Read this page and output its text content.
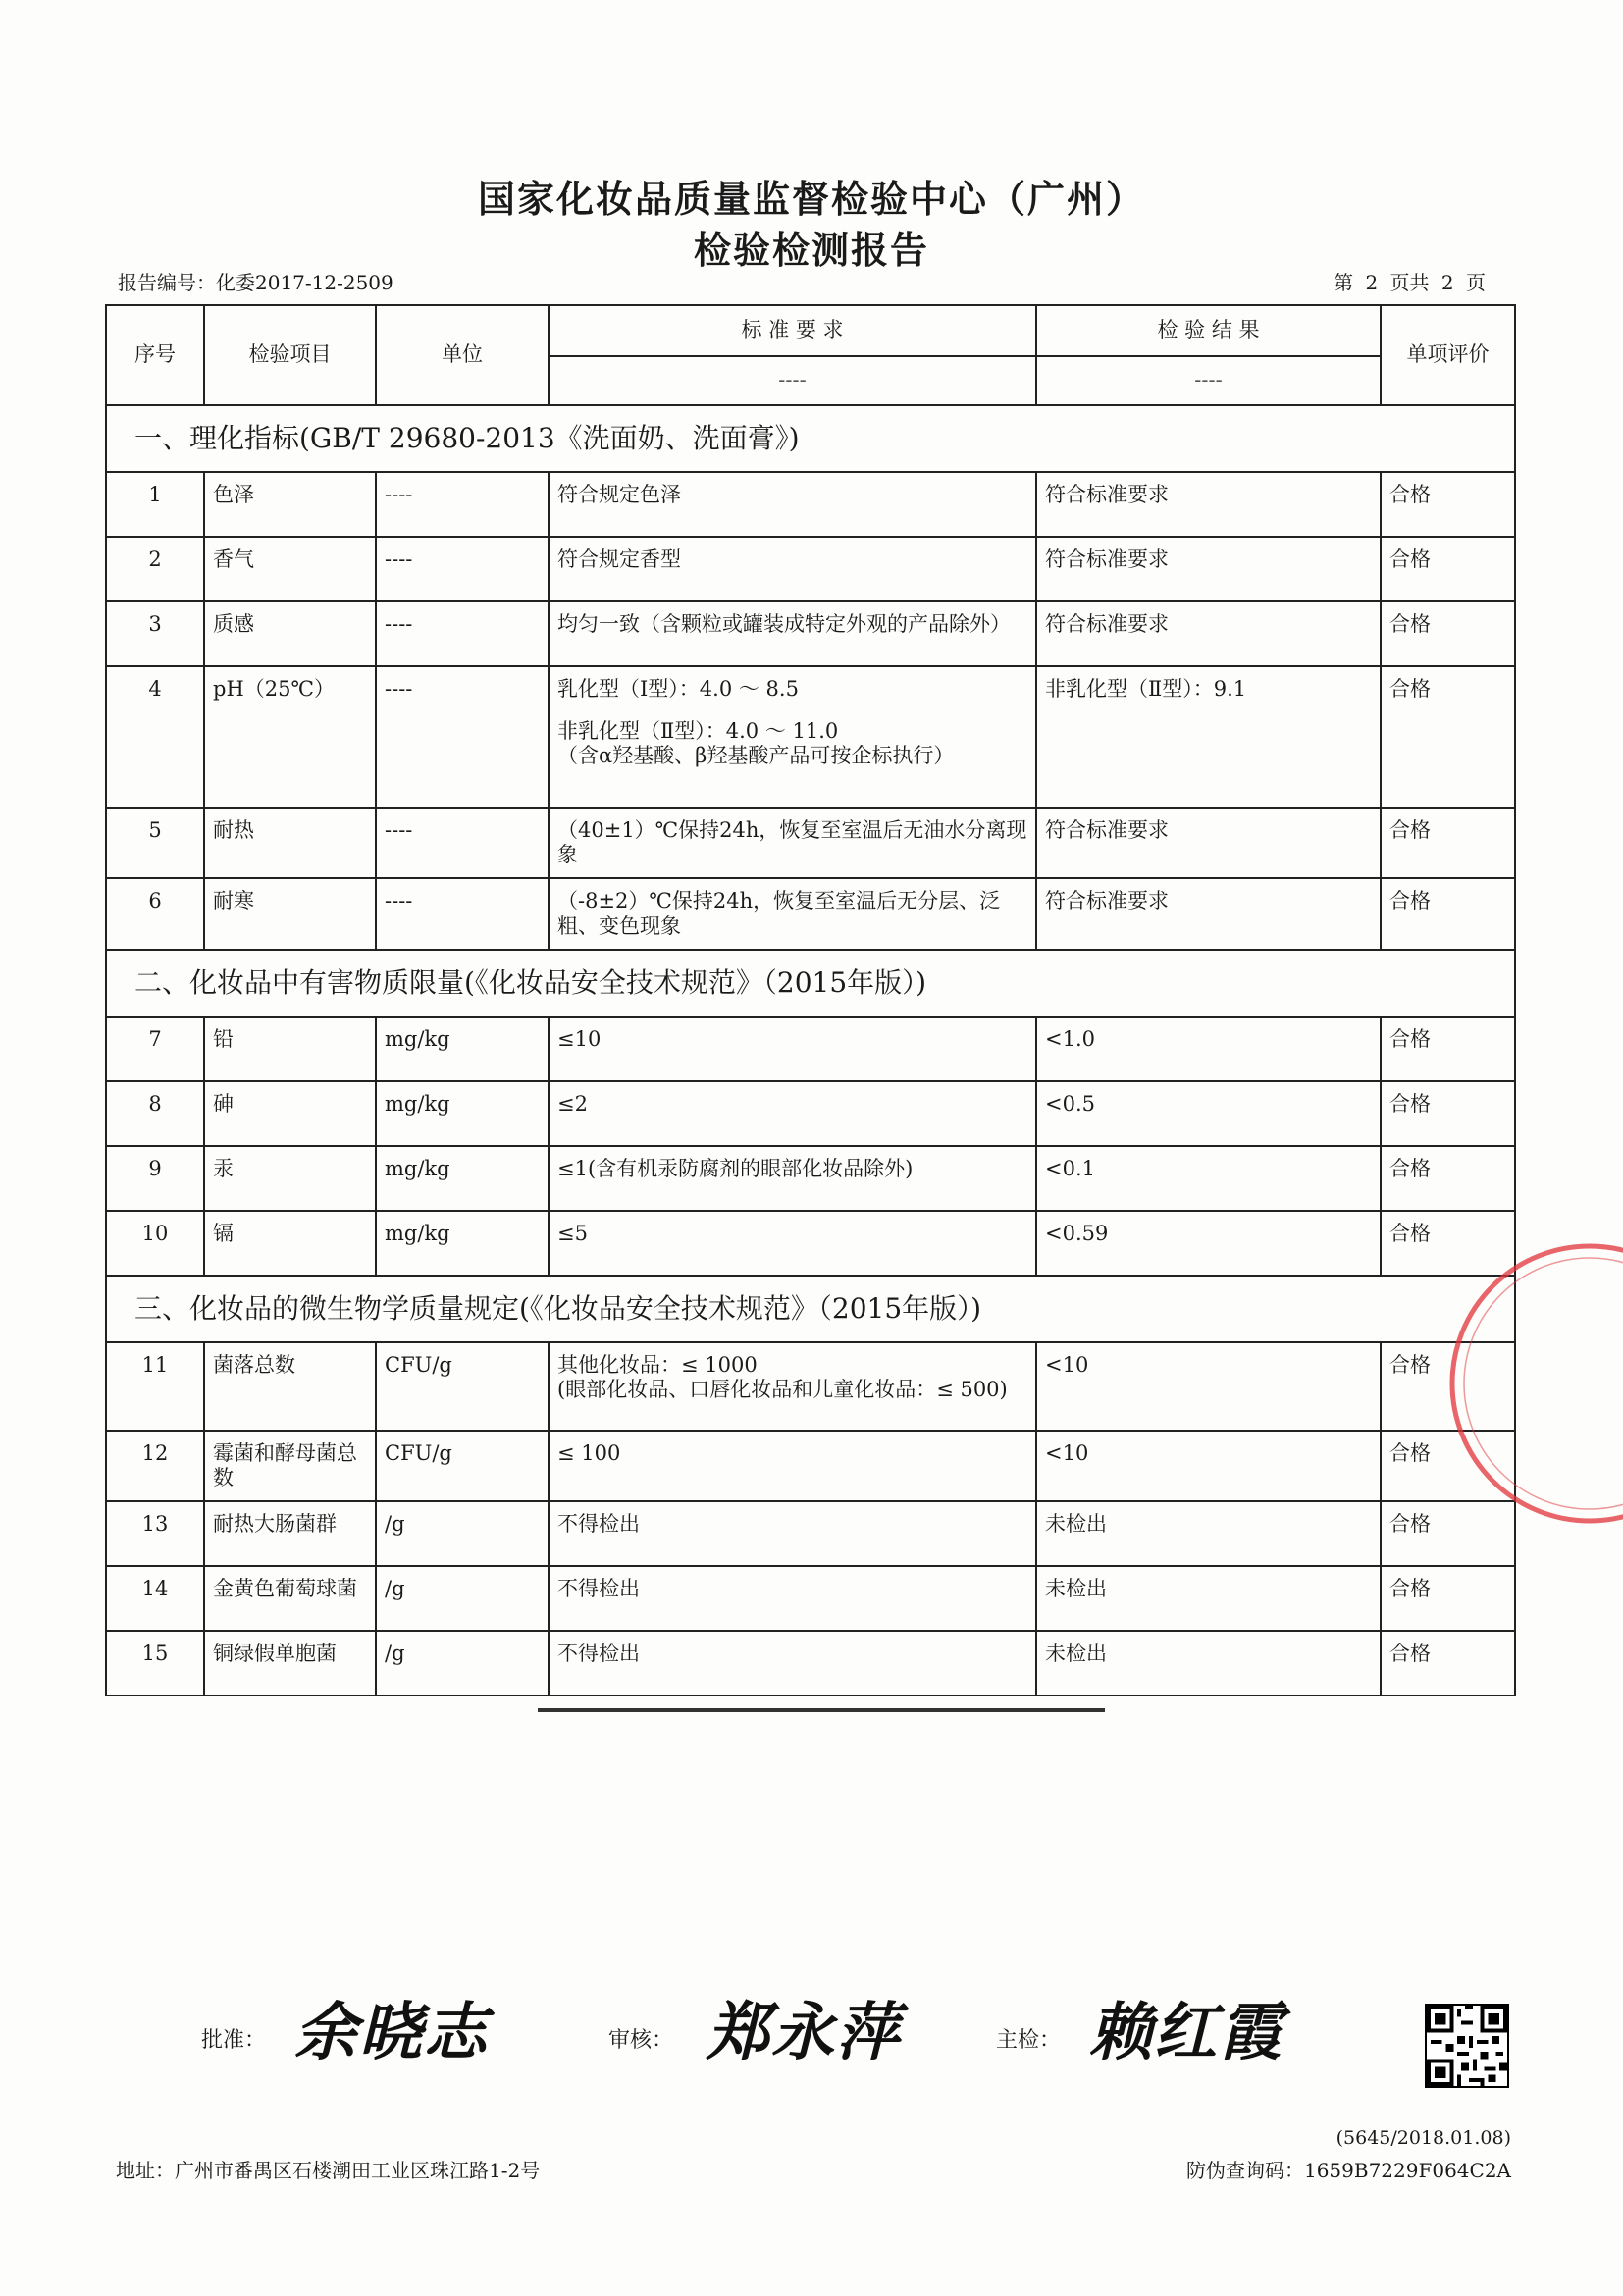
国家化妆品质量监督检验中心（广州）
检验检测报告
报告编号：化委2017-12-2509	第 2 页共 2 页
序号	检验项目	单位	标 准 要 求	检 验 结 果	单项评价
			----	----	
一、理化指标(GB/T 29680-2013《洗面奶、洗面膏》)					
1	色泽	----	符合规定色泽	符合标准要求	合格
2	香气	----	符合规定香型	符合标准要求	合格
3	质感	----	均匀一致（含颗粒或罐装成特定外观的产品除外）	符合标准要求	合格
4	pH（25℃）	----	乳化型（Ⅰ型）：4.0 ～ 8.5
非乳化型（Ⅱ型）：4.0 ～ 11.0
（含α羟基酸、β羟基酸产品可按企标执行）	非乳化型（Ⅱ型）：9.1	合格
5	耐热	----	（40±1）℃保持24h，恢复至室温后无油水分离现象	符合标准要求	合格
6	耐寒	----	（-8±2）℃保持24h，恢复至室温后无分层、泛粗、变色现象	符合标准要求	合格
二、化妆品中有害物质限量(《化妆品安全技术规范》（2015年版）)					
7	铅	mg/kg	≤10	<1.0	合格
8	砷	mg/kg	≤2	<0.5	合格
9	汞	mg/kg	≤1(含有机汞防腐剂的眼部化妆品除外)	<0.1	合格
10	镉	mg/kg	≤5	<0.59	合格
三、化妆品的微生物学质量规定(《化妆品安全技术规范》（2015年版）)					
11	菌落总数	CFU/g	其他化妆品：≤ 1000
(眼部化妆品、口唇化妆品和儿童化妆品：≤ 500)	<10	合格
12	霉菌和酵母菌总数	CFU/g	≤ 100	<10	合格
13	耐热大肠菌群	/g	不得检出	未检出	合格
14	金黄色葡萄球菌	/g	不得检出	未检出	合格
15	铜绿假单胞菌	/g	不得检出	未检出	合格
批准： 余晓志	审核： 郑永萍	主检： 赖红霞
(5645/2018.01.08)
地址：广州市番禺区石楼潮田工业区珠江路1-2号	防伪查询码：1659B7229F064C2A
